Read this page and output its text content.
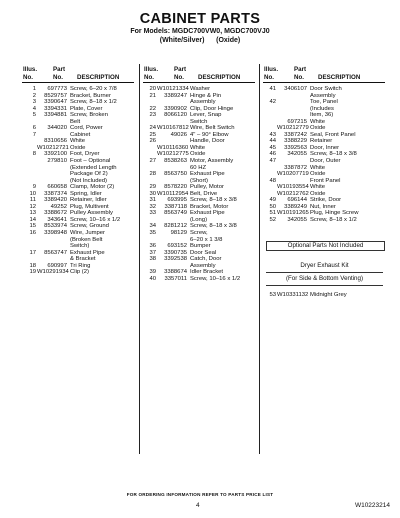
CABINET PARTS
For Models: MGDC700VW0, MGDC700VJ0
(White/Silver)      (Oxide)
Illus.
No.
Part
No.	DESCRIPTION
Illus.
No.
Part
No.	DESCRIPTION
Illus.
No.
Part
No.	DESCRIPTION
1	697773 Screw, 6–20 x 7/8
2	8529757 Bracket, Burner
3	3390647 Screw, 8–18 x 1/2
4	3394331 Plate, Cover
5	3394881 Screw, Broken
Belt
6	344020 Cord, Power
7	Cabinet
8310656 White
W10212721 Oxide
8	3392100 Foot, Dryer
279810 Foot – Optional
(Extended Length
Package Of 2)
(Not Included)
9	660658 Clamp, Motor (2)
10	3387374 Spring, Idler
11	3389420 Retainer, Idler
12	49252 Plug, Multivent
13	3388672 Pulley Assembly
14	343641 Screw, 10–16 x 1/2
15	8533974 Screw, Ground
16	3398948 Wire, Jumper
(Broken Belt
Switch)
17	8563747 Exhaust Pipe
& Bracket
18	690997 Tri Ring
19 W10291934 Clip (2)
20 W10121334 Washer
21	3389247 Hinge & Pin
Assembly
22	3390902 Clip, Door Hinge
23	8066120 Lever, Snap
Switch
24 W10167812 Wire, Belt Switch
25	49026 4" – 90° Elbow
26	Handle, Door
W10116360 White
W10212775 Oxide
27	8538263 Motor, Assembly
60 HZ
28	8563750 Exhaust Pipe
(Short)
29	8578220 Pulley, Motor
30 W10112954 Belt, Drive
31	693995 Screw, 8–18 x 3/8
32	3387118 Bracket, Motor
33	8563749 Exhaust Pipe
(Long)
34	8281212 Screw, 8–18 x 3/8
35	98129 Screw,
6–20 x 1 3/8
36	693152 Bumper
37	3390735 Door Seal
38	3392538 Catch, Door
Assembly
39	3388674 Idler Bracket
40	3357011 Screw, 10–16 x 1/2
41	3406107 Door Switch
Assembly
42	Toe, Panel
(Includes
Item, 36)
697215 White
W10212779 Oxide
43	3387242 Seal, Front Panel
44	3388229 Retainer
45	3392563 Door, Inner
46	342055 Screw, 8–18 x 3/8
47	Door, Outer
3387872 White
W10207719 Oxide
48	Front Panel
W10193554 White
W10212762 Oxide
49	696144 Strike, Door
50	3389249 Nut, Inner
51 W10191265 Plug, Hinge Screw
52	342055 Screw, 8–18 x 1/2
Optional Parts Not Included
Dryer Exhaust Kit
(For Side & Bottom Venting)
53 W10331132 Midnight Grey
FOR ORDERING INFORMATION REFER TO PARTS PRICE LIST
4	W10223214
